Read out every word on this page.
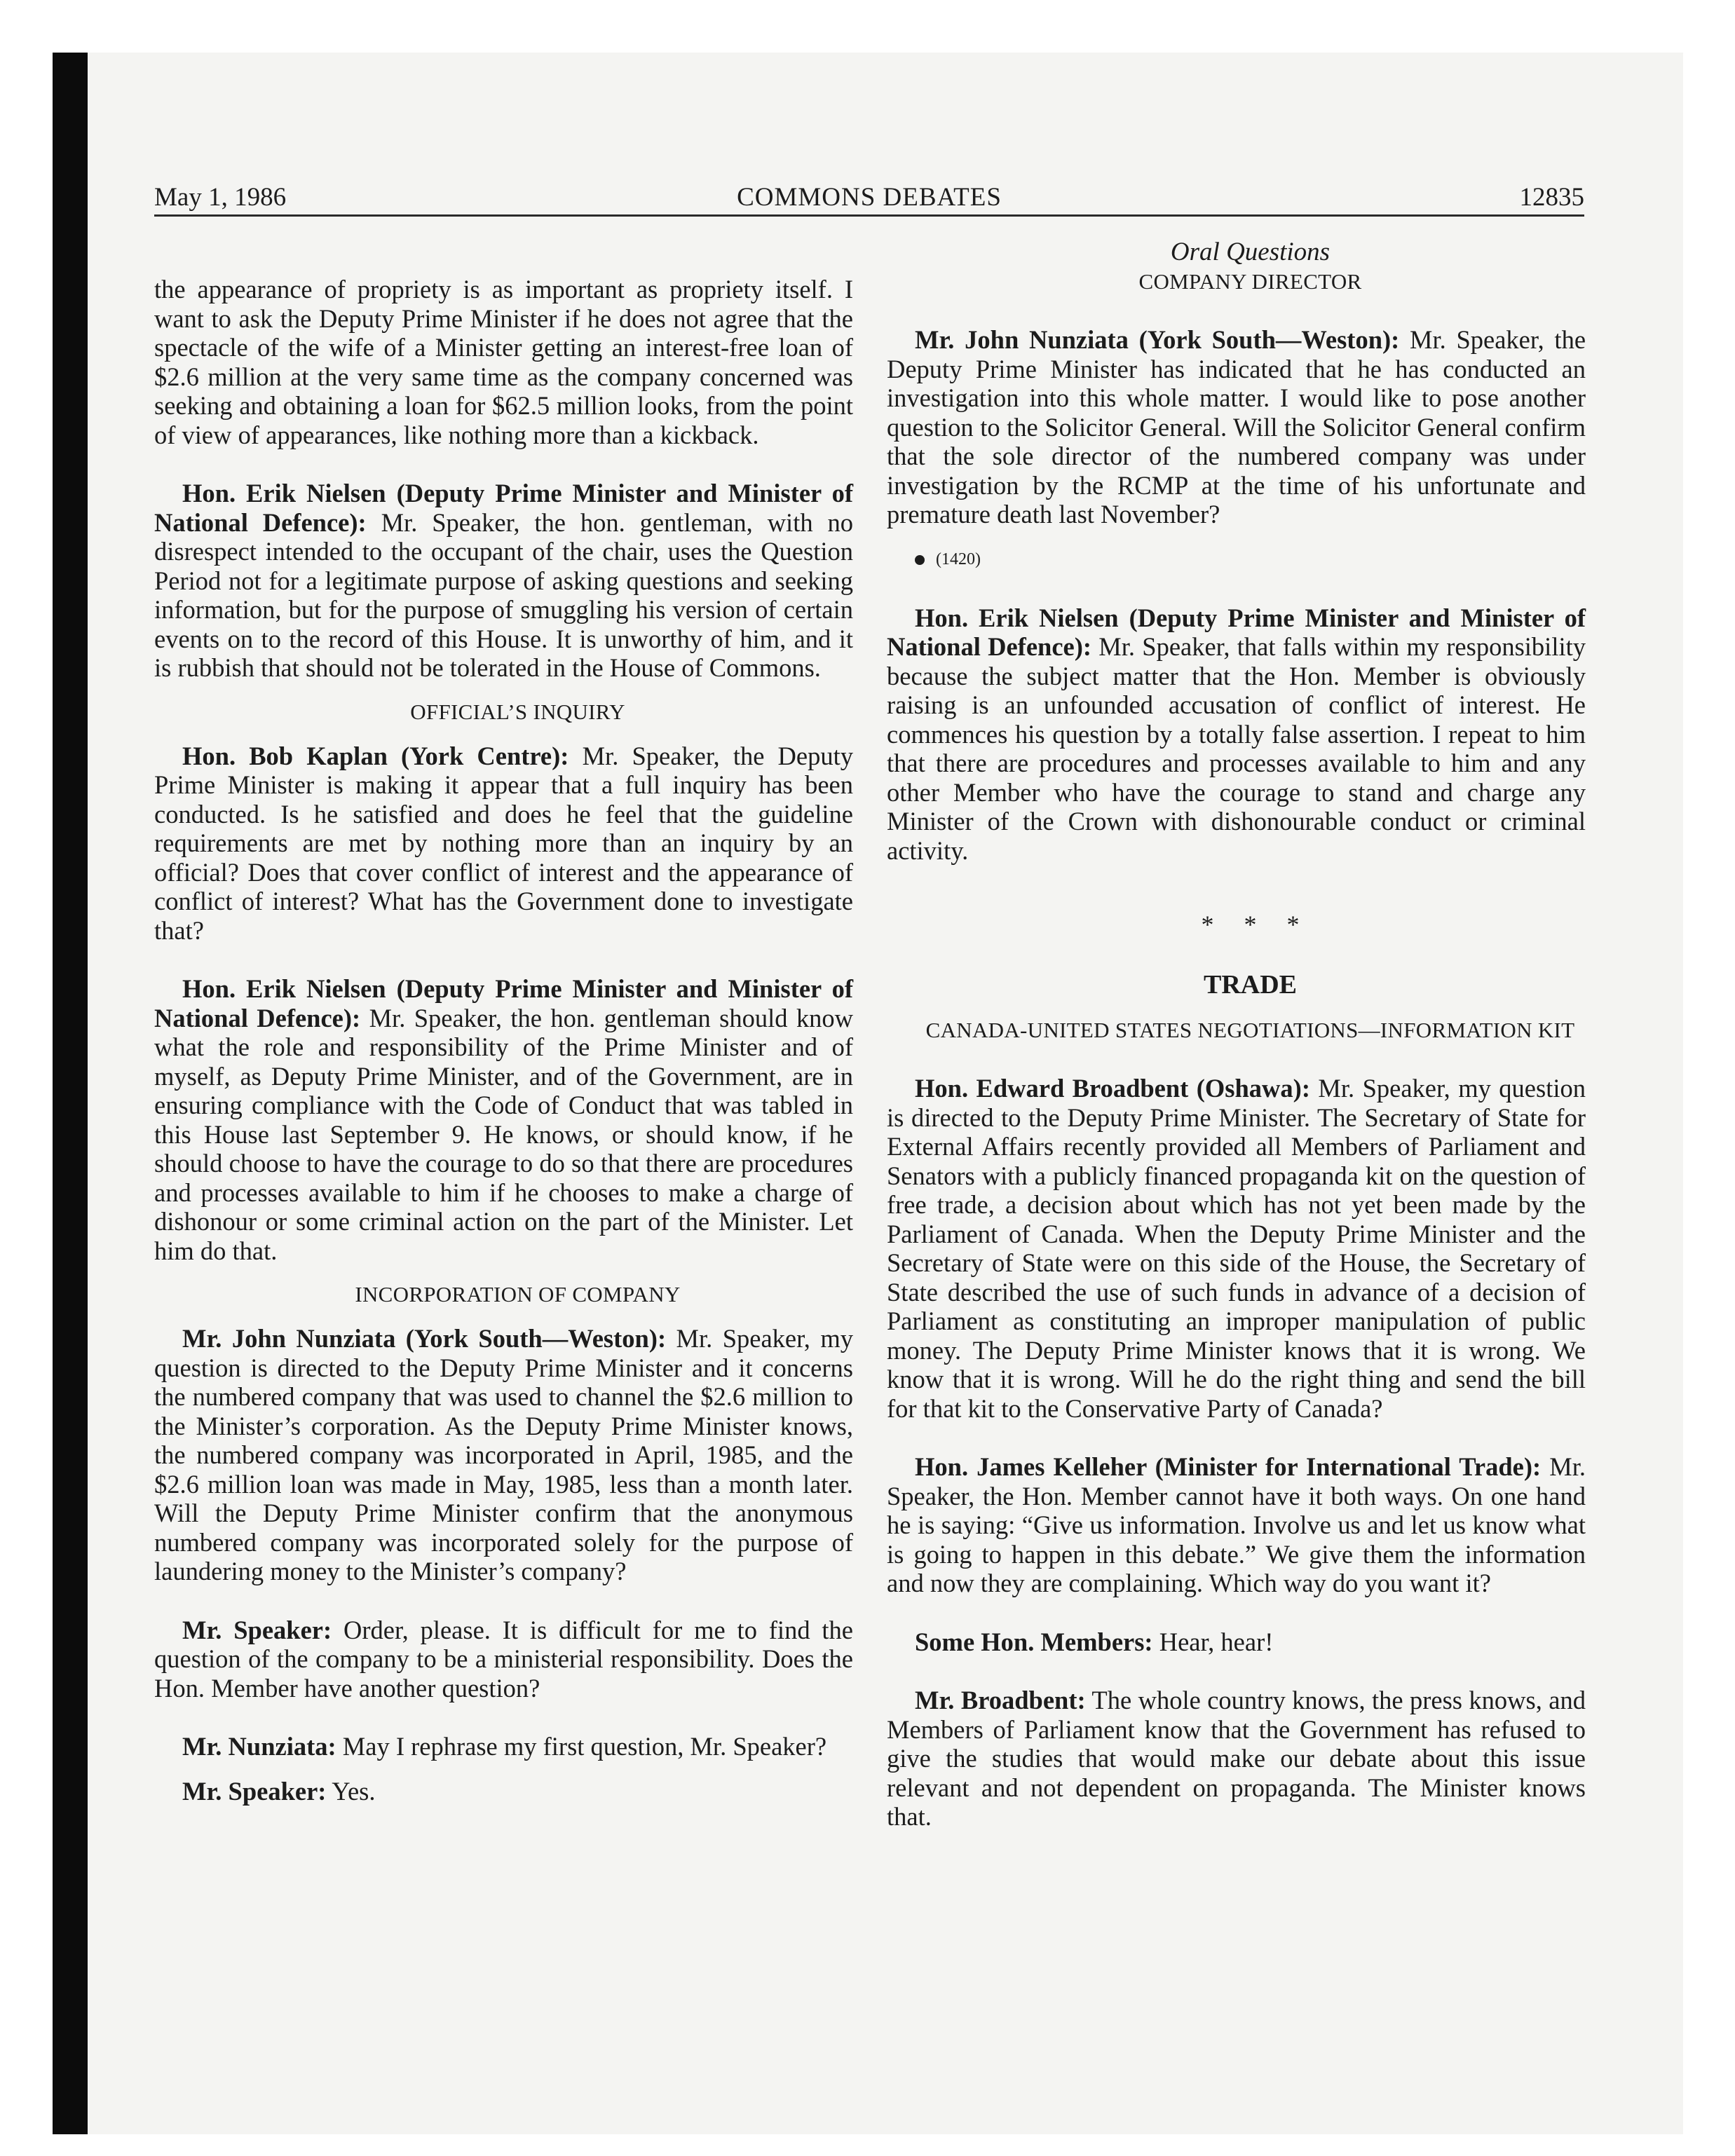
May 1, 1986	COMMONS DEBATES	12835

the appearance of propriety is as important as propriety itself. I want to ask the Deputy Prime Minister if he does not agree that the spectacle of the wife of a Minister getting an interest-free loan of $2.6 million at the very same time as the company concerned was seeking and obtaining a loan for $62.5 million looks, from the point of view of appearances, like nothing more than a kickback.

Hon. Erik Nielsen (Deputy Prime Minister and Minister of National Defence): Mr. Speaker, the hon. gentleman, with no disrespect intended to the occupant of the chair, uses the Question Period not for a legitimate purpose of asking questions and seeking information, but for the purpose of smuggling his version of certain events on to the record of this House. It is unworthy of him, and it is rubbish that should not be tolerated in the House of Commons.

OFFICIAL’S INQUIRY

Hon. Bob Kaplan (York Centre): Mr. Speaker, the Deputy Prime Minister is making it appear that a full inquiry has been conducted. Is he satisfied and does he feel that the guideline requirements are met by nothing more than an inquiry by an official? Does that cover conflict of interest and the appearance of conflict of interest? What has the Government done to investigate that?

Hon. Erik Nielsen (Deputy Prime Minister and Minister of National Defence): Mr. Speaker, the hon. gentleman should know what the role and responsibility of the Prime Minister and of myself, as Deputy Prime Minister, and of the Government, are in ensuring compliance with the Code of Conduct that was tabled in this House last September 9. He knows, or should know, if he should choose to have the courage to do so that there are procedures and processes available to him if he chooses to make a charge of dishonour or some criminal action on the part of the Minister. Let him do that.

INCORPORATION OF COMPANY

Mr. John Nunziata (York South—Weston): Mr. Speaker, my question is directed to the Deputy Prime Minister and it concerns the numbered company that was used to channel the $2.6 million to the Minister’s corporation. As the Deputy Prime Minister knows, the numbered company was incorporated in April, 1985, and the $2.6 million loan was made in May, 1985, less than a month later. Will the Deputy Prime Minister confirm that the anonymous numbered company was incorporated solely for the purpose of laundering money to the Minister’s company?

Mr. Speaker: Order, please. It is difficult for me to find the question of the company to be a ministerial responsibility. Does the Hon. Member have another question?

Mr. Nunziata: May I rephrase my first question, Mr. Speaker?

Mr. Speaker: Yes.

Oral Questions

COMPANY DIRECTOR

Mr. John Nunziata (York South—Weston): Mr. Speaker, the Deputy Prime Minister has indicated that he has conducted an investigation into this whole matter. I would like to pose another question to the Solicitor General. Will the Solicitor General confirm that the sole director of the numbered company was under investigation by the RCMP at the time of his unfortunate and premature death last November?

(1420)

Hon. Erik Nielsen (Deputy Prime Minister and Minister of National Defence): Mr. Speaker, that falls within my responsibility because the subject matter that the Hon. Member is obviously raising is an unfounded accusation of conflict of interest. He commences his question by a totally false assertion. I repeat to him that there are procedures and processes available to him and any other Member who have the courage to stand and charge any Minister of the Crown with dishonourable conduct or criminal activity.

* * *

TRADE

CANADA-UNITED STATES NEGOTIATIONS—INFORMATION KIT

Hon. Edward Broadbent (Oshawa): Mr. Speaker, my question is directed to the Deputy Prime Minister. The Secretary of State for External Affairs recently provided all Members of Parliament and Senators with a publicly financed propaganda kit on the question of free trade, a decision about which has not yet been made by the Parliament of Canada. When the Deputy Prime Minister and the Secretary of State were on this side of the House, the Secretary of State described the use of such funds in advance of a decision of Parliament as constituting an improper manipulation of public money. The Deputy Prime Minister knows that it is wrong. We know that it is wrong. Will he do the right thing and send the bill for that kit to the Conservative Party of Canada?

Hon. James Kelleher (Minister for International Trade): Mr. Speaker, the Hon. Member cannot have it both ways. On one hand he is saying: “Give us information. Involve us and let us know what is going to happen in this debate.” We give them the information and now they are complaining. Which way do you want it?

Some Hon. Members: Hear, hear!

Mr. Broadbent: The whole country knows, the press knows, and Members of Parliament know that the Government has refused to give the studies that would make our debate about this issue relevant and not dependent on propaganda. The Minister knows that.
